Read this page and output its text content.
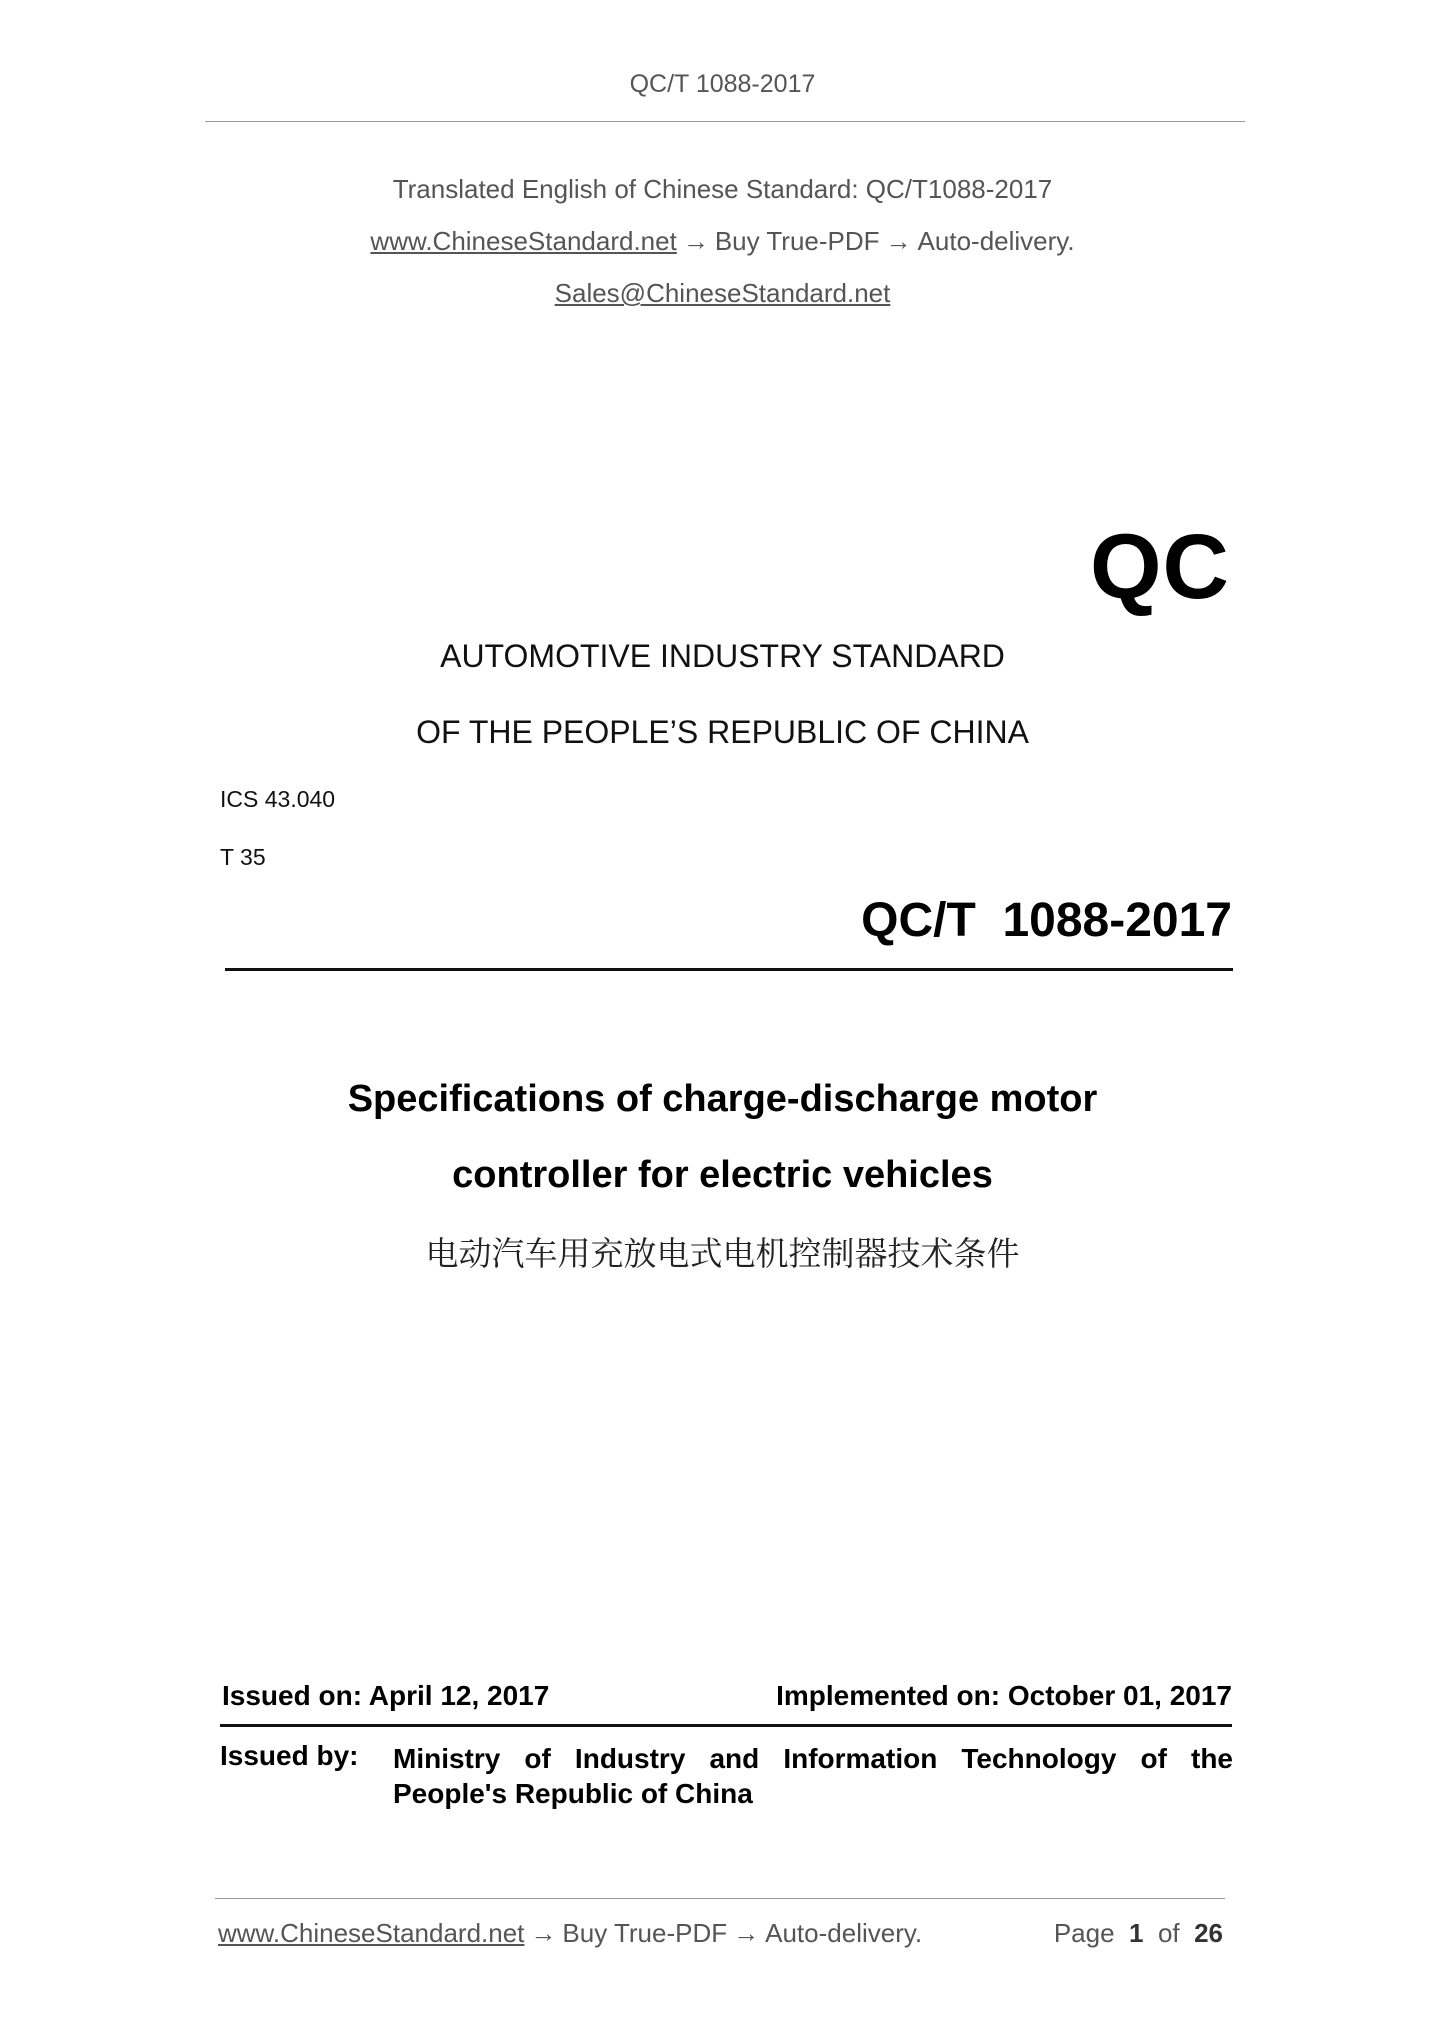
QC/T 1088-2017
Translated English of Chinese Standard: QC/T1088-2017
www.ChineseStandard.net → Buy True-PDF → Auto-delivery.
Sales@ChineseStandard.net
QC
AUTOMOTIVE INDUSTRY STANDARD
OF THE PEOPLE’S REPUBLIC OF CHINA
ICS 43.040
T 35
QC/T  1088-2017
Specifications of charge-discharge motor
controller for electric vehicles
电动汽车用充放电式电机控制器技术条件
Issued on: April 12, 2017	Implemented on: October 01, 2017
Issued by: Ministry of Industry and Information Technology of the
People's Republic of China
www.ChineseStandard.net → Buy True-PDF → Auto-delivery.	Page 1 of 26
